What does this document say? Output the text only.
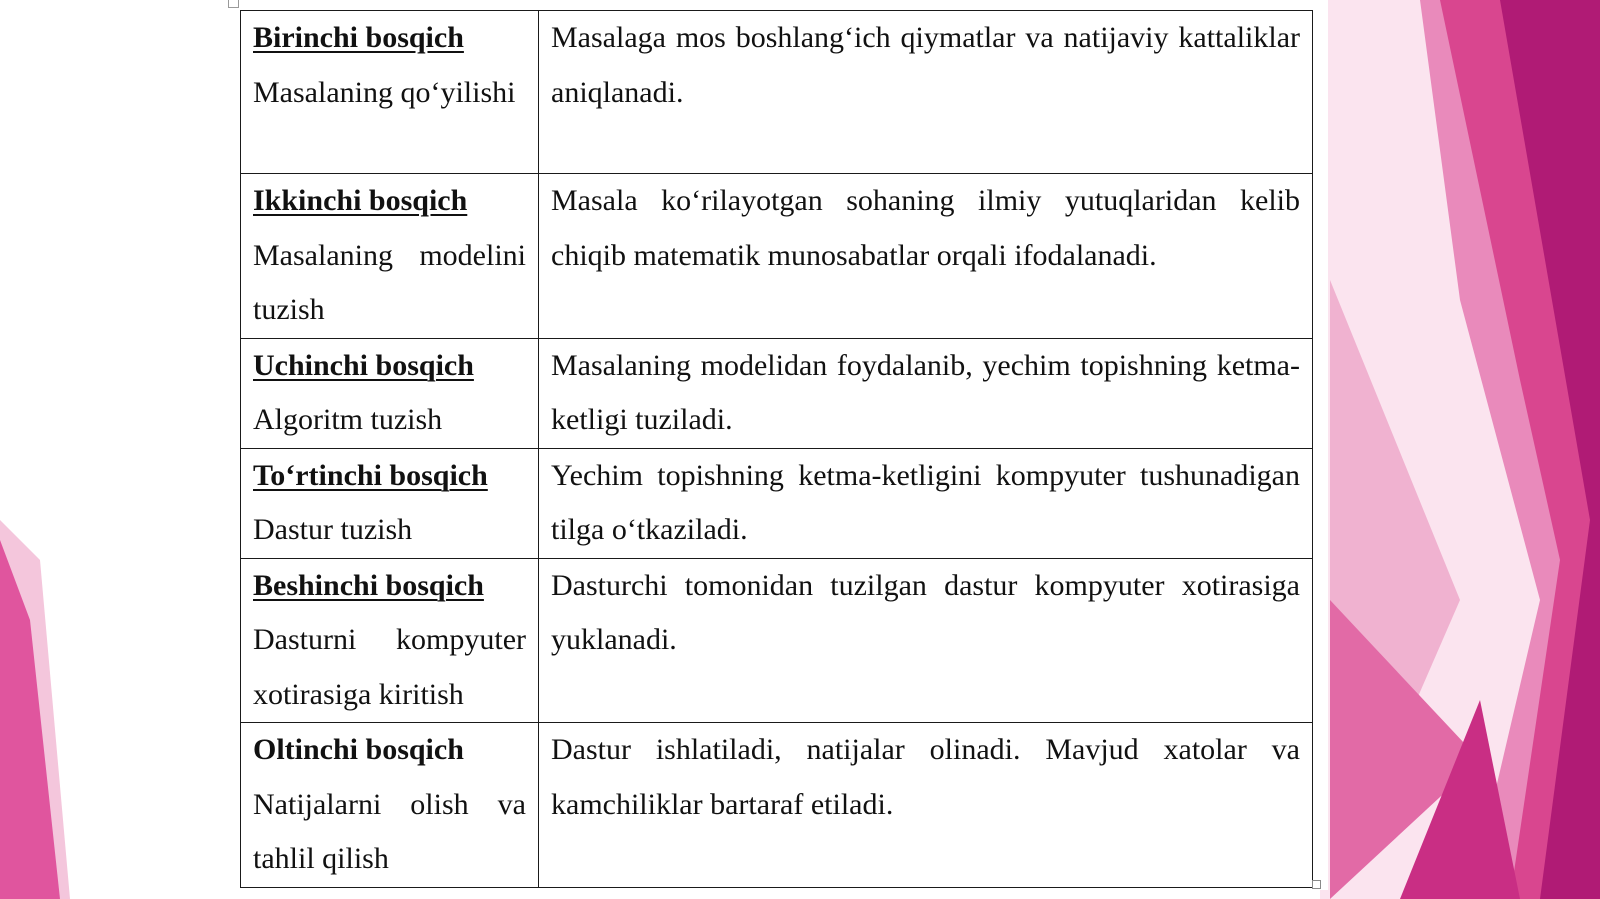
Birinchi bosqich
Masalaning qo‘yilishi	Masalaga mos boshlang‘ich qiymatlar va natijaviy kattaliklar aniqlanadi.

Ikkinchi bosqich
Masalaning modelini tuzish	Masala ko‘rilayotgan sohaning ilmiy yutuqlaridan kelib chiqib matematik munosabatlar orqali ifodalanadi.

Uchinchi bosqich
Algoritm tuzish	Masalaning modelidan foydalanib, yechim topishning ketma-ketligi tuziladi.

To‘rtinchi bosqich
Dastur tuzish	Yechim topishning ketma-ketligini kompyuter tushunadigan tilga o‘tkaziladi.

Beshinchi bosqich
Dasturni kompyuter xotirasiga kiritish	Dasturchi tomonidan tuzilgan dastur kompyuter xotirasiga yuklanadi.

Oltinchi bosqich
Natijalarni olish va tahlil qilish	Dastur ishlatiladi, natijalar olinadi. Mavjud xatolar va kamchiliklar bartaraf etiladi.
